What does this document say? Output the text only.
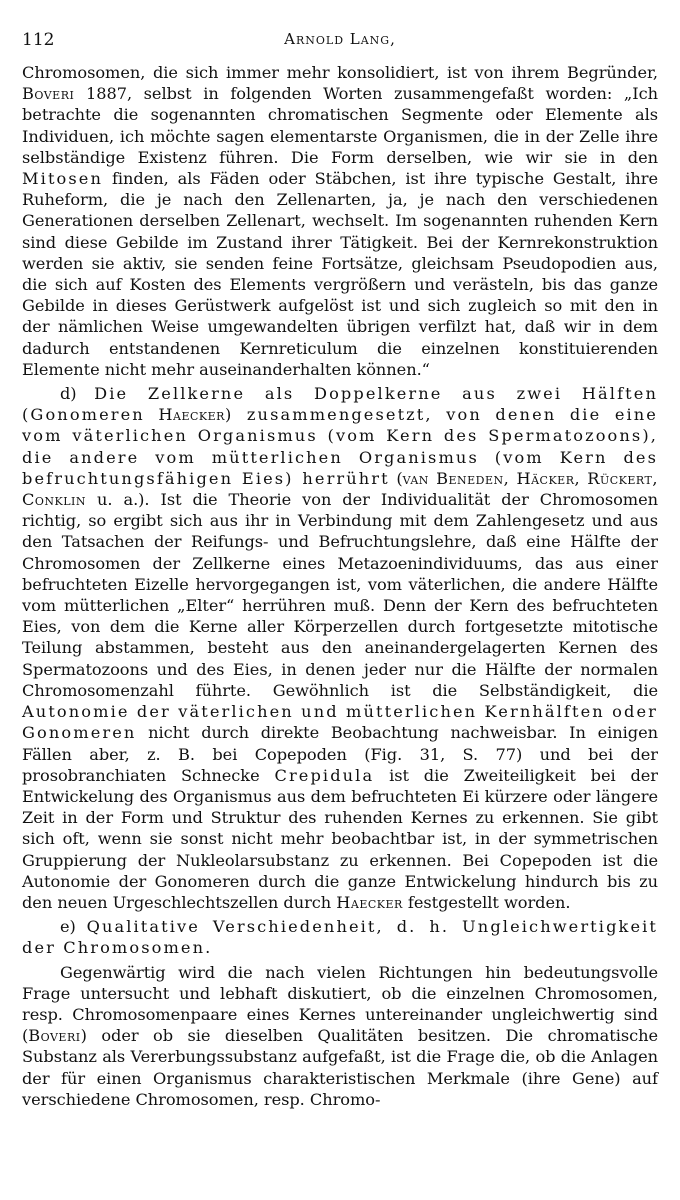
112	Arnold Lang,

Chromosomen, die sich immer mehr konsolidiert, ist von ihrem Begründer, Boveri 1887, selbst in folgenden Worten zusammengefaßt worden: „Ich betrachte die sogenannten chromatischen Segmente oder Elemente als Individuen, ich möchte sagen elementarste Organismen, die in der Zelle ihre selbständige Existenz führen. Die Form derselben, wie wir sie in den Mitosen finden, als Fäden oder Stäbchen, ist ihre typische Gestalt, ihre Ruheform, die je nach den Zellenarten, ja, je nach den verschiedenen Generationen derselben Zellenart, wechselt. Im sogenannten ruhenden Kern sind diese Gebilde im Zustand ihrer Tätigkeit. Bei der Kernrekonstruktion werden sie aktiv, sie senden feine Fortsätze, gleichsam Pseudopodien aus, die sich auf Kosten des Elements vergrößern und verästeln, bis das ganze Gebilde in dieses Gerüstwerk aufgelöst ist und sich zugleich so mit den in der nämlichen Weise umgewandelten übrigen verfilzt hat, daß wir in dem dadurch entstandenen Kernreticulum die einzelnen konstituierenden Elemente nicht mehr auseinanderhalten können.“

d) Die Zellkerne als Doppelkerne aus zwei Hälften (Gonomeren Haecker) zusammengesetzt, von denen die eine vom väterlichen Organismus (vom Kern des Spermatozoons), die andere vom mütterlichen Organismus (vom Kern des befruchtungsfähigen Eies) herrührt (van Beneden, Häcker, Rückert, Conklin u. a.). Ist die Theorie von der Individualität der Chromosomen richtig, so ergibt sich aus ihr in Verbindung mit dem Zahlengesetz und aus den Tatsachen der Reifungs- und Befruchtungslehre, daß eine Hälfte der Chromosomen der Zellkerne eines Metazoenindividuums, das aus einer befruchteten Eizelle hervorgegangen ist, vom väterlichen, die andere Hälfte vom mütterlichen „Elter“ herrühren muß. Denn der Kern des befruchteten Eies, von dem die Kerne aller Körperzellen durch fortgesetzte mitotische Teilung abstammen, besteht aus den aneinandergelagerten Kernen des Spermatozoons und des Eies, in denen jeder nur die Hälfte der normalen Chromosomenzahl führte. Gewöhnlich ist die Selbständigkeit, die Autonomie der väterlichen und mütterlichen Kernhälften oder Gonomeren nicht durch direkte Beobachtung nachweisbar. In einigen Fällen aber, z. B. bei Copepoden (Fig. 31, S. 77) und bei der prosobranchiaten Schnecke Crepidula ist die Zweiteiligkeit bei der Entwickelung des Organismus aus dem befruchteten Ei kürzere oder längere Zeit in der Form und Struktur des ruhenden Kernes zu erkennen. Sie gibt sich oft, wenn sie sonst nicht mehr beobachtbar ist, in der symmetrischen Gruppierung der Nukleolarsubstanz zu erkennen. Bei Copepoden ist die Autonomie der Gonomeren durch die ganze Entwickelung hindurch bis zu den neuen Urgeschlechtszellen durch Haecker festgestellt worden.

e) Qualitative Verschiedenheit, d. h. Ungleichwertigkeit der Chromosomen.

Gegenwärtig wird die nach vielen Richtungen hin bedeutungsvolle Frage untersucht und lebhaft diskutiert, ob die einzelnen Chromosomen, resp. Chromosomenpaare eines Kernes untereinander ungleichwertig sind (Boveri) oder ob sie dieselben Qualitäten besitzen. Die chromatische Substanz als Vererbungssubstanz aufgefaßt, ist die Frage die, ob die Anlagen der für einen Organismus charakteristischen Merkmale (ihre Gene) auf verschiedene Chromosomen, resp. Chromo-
